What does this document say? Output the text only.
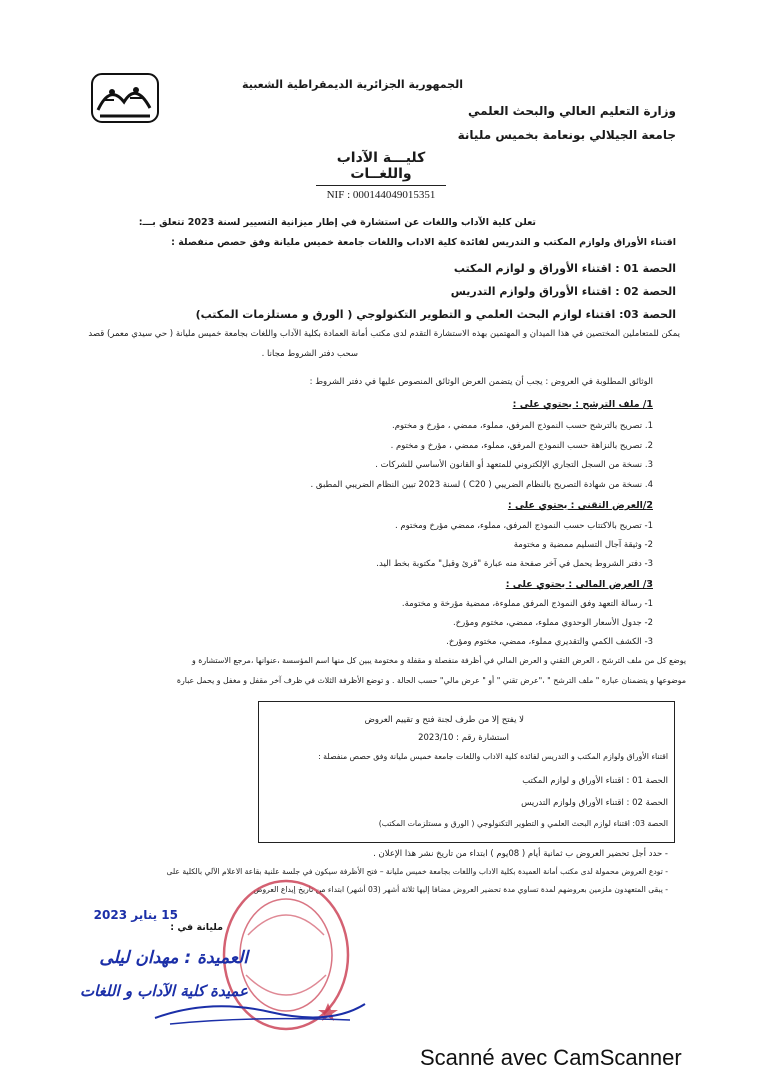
الجمهورية الجزائرية الديمقراطية الشعبية
وزارة التعليم العالي والبحث العلمي
جامعة الجيلالي بونعامة بخميس مليانة
كليـــة الآداب واللغــات
NIF : 000144049015351
تعلن كلية الآداب واللغات عن استشارة في إطار ميزانية التسيير لسنة 2023 تتعلق بـــ:
اقتناء الأوراق ولوازم المكتب و التدريس لفائدة كلية الاداب واللغات جامعة خميس مليانة وفق حصص منفصلة :
الحصة 01 : اقتناء الأوراق و لوازم المكتب
الحصة 02 : اقتناء الأوراق ولوازم التدريس
الحصة 03: اقتناء لوازم البحث العلمي و التطوير التكنولوجي ( الورق و مستلزمات المكتب)
يمكن للمتعاملين المختصين في هذا الميدان و المهتمين بهذه الاستشارة التقدم لدى مكتب أمانة العمادة بكلية الآداب واللغات بجامعة خميس مليانة ( حي سيدي معمر) قصد
سحب دفتر الشروط مجانا .
الوثائق المطلوبة في العروض : يجب أن يتضمن العرض الوثائق المنصوص عليها في دفتر الشروط :
1/ ملف الترشح : يحتوي على :
1. تصريح بالترشح حسب النموذج المرفق، مملوء، ممضي ، مؤرخ و مختوم.
2. تصريح بالنزاهة حسب النموذج المرفق، مملوء، ممضي ، مؤرخ و مختوم .
3. نسخة من السجل التجاري الإلكتروني للمتعهد أو القانون الأساسي للشركات .
4. نسخة من شهادة التصريح بالنظام الضريبي ( C20 ) لسنة 2023 تبين النظام الضريبي المطبق .
2/العرض التقني : يحتوي على :
1- تصريح بالاكتتاب حسب النموذج المرفق، مملوء، ممضي مؤرخ ومختوم .
2- وثيقة آجال التسليم ممضية و مختومة
3- دفتر الشروط يحمل في آخر صفحة منه عبارة "قرئ وقبل" مكتوبة بخط اليد.
3/ العرض المالي : يحتوي على :
1- رسالة التعهد وفق النموذج المرفق مملوءة، ممضية مؤرخة و مختومة.
2- جدول الأسعار الوحدوي مملوء، ممضي، مختوم ومؤرخ.
3- الكشف الكمي والتقديري مملوء، ممضي، مختوم ومؤرخ.
يوضع كل من ملف الترشح ، العرض التقني و العرض المالي في أظرفة منفصلة و مقفلة و مختومة يبين كل منها اسم المؤسسة ،عنوانها ،مرجع الاستشارة و
موضوعها و يتضمنان عبارة " ملف الترشح " ،"عرض تقني " أو " عرض مالي" حسب الحالة . و توضع الأظرفة الثلاث في ظرف آخر مقفل و مغفل و يحمل عبارة
لا يفتح إلا من طرف لجنة فتح و تقييم العروض
استشارة رقم : 2023/10
اقتناء الأوراق ولوازم المكتب و التدريس لفائدة كلية الاداب واللغات جامعة خميس مليانة وفق حصص منفصلة :
الحصة 01 : اقتناء الأوراق و لوازم المكتب
الحصة 02 : اقتناء الأوراق ولوازم التدريس
الحصة 03: اقتناء لوازم البحث العلمي و التطوير التكنولوجي ( الورق و مستلزمات المكتب)
- حدد أجل تحضير العروض ب ثمانية أيام ( 08يوم ) ابتداء من تاريخ نشر هذا الإعلان .
- تودع العروض محمولة لدى مكتب أمانة العميدة بكلية الاداب واللغات بجامعة خميس مليانة – فتح الأظرفة سيكون في جلسة علنية بقاعة الاعلام الآلي بالكلية على
- يبقى المتعهدون ملزمين بعروضهم لمدة تساوي مدة تحضير العروض مضافا إليها ثلاثة أشهر (03 أشهر) ابتداء من تاريخ إيداع العروض
مليانة في :
15 يناير 2023
العميدة : مهدان ليلى
عميدة كلية الآداب و اللغات
Scanné avec CamScanner
